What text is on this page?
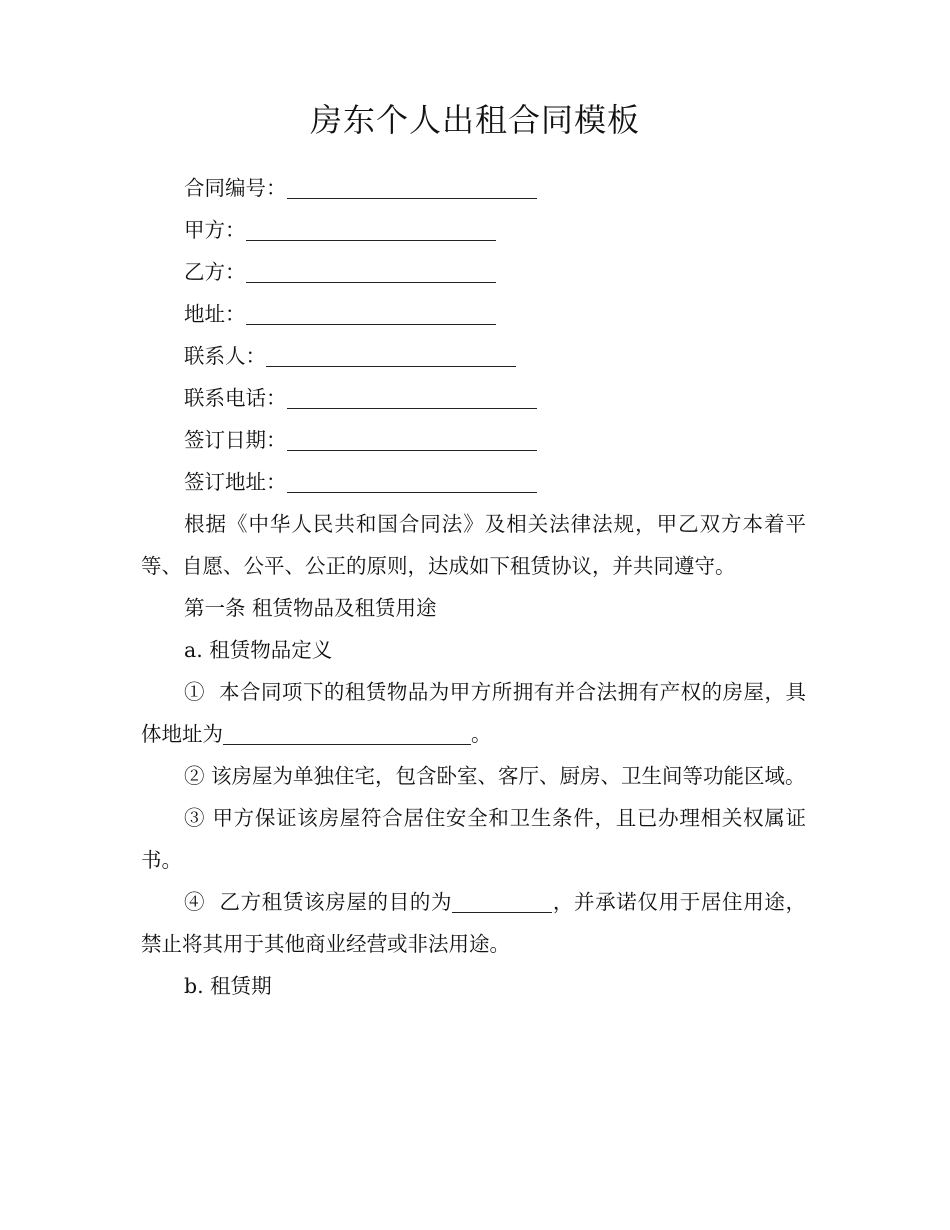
房东个人出租合同模板
合同编号：
甲方：
乙方：
地址：
联系人：
联系电话：
签订日期：
签订地址：
根据《中华人民共和国合同法》及相关法律法规，甲乙双方本着平等、自愿、公平、公正的原则，达成如下租赁协议，并共同遵守。
第一条 租赁物品及租赁用途
a. 租赁物品定义
①  本合同项下的租赁物品为甲方所拥有并合法拥有产权的房屋，具体地址为	。
② 该房屋为单独住宅，包含卧室、客厅、厨房、卫生间等功能区域。
③ 甲方保证该房屋符合居住安全和卫生条件，且已办理相关权属证书。
④  乙方租赁该房屋的目的为	，并承诺仅用于居住用途，禁止将其用于其他商业经营或非法用途。
b. 租赁期
